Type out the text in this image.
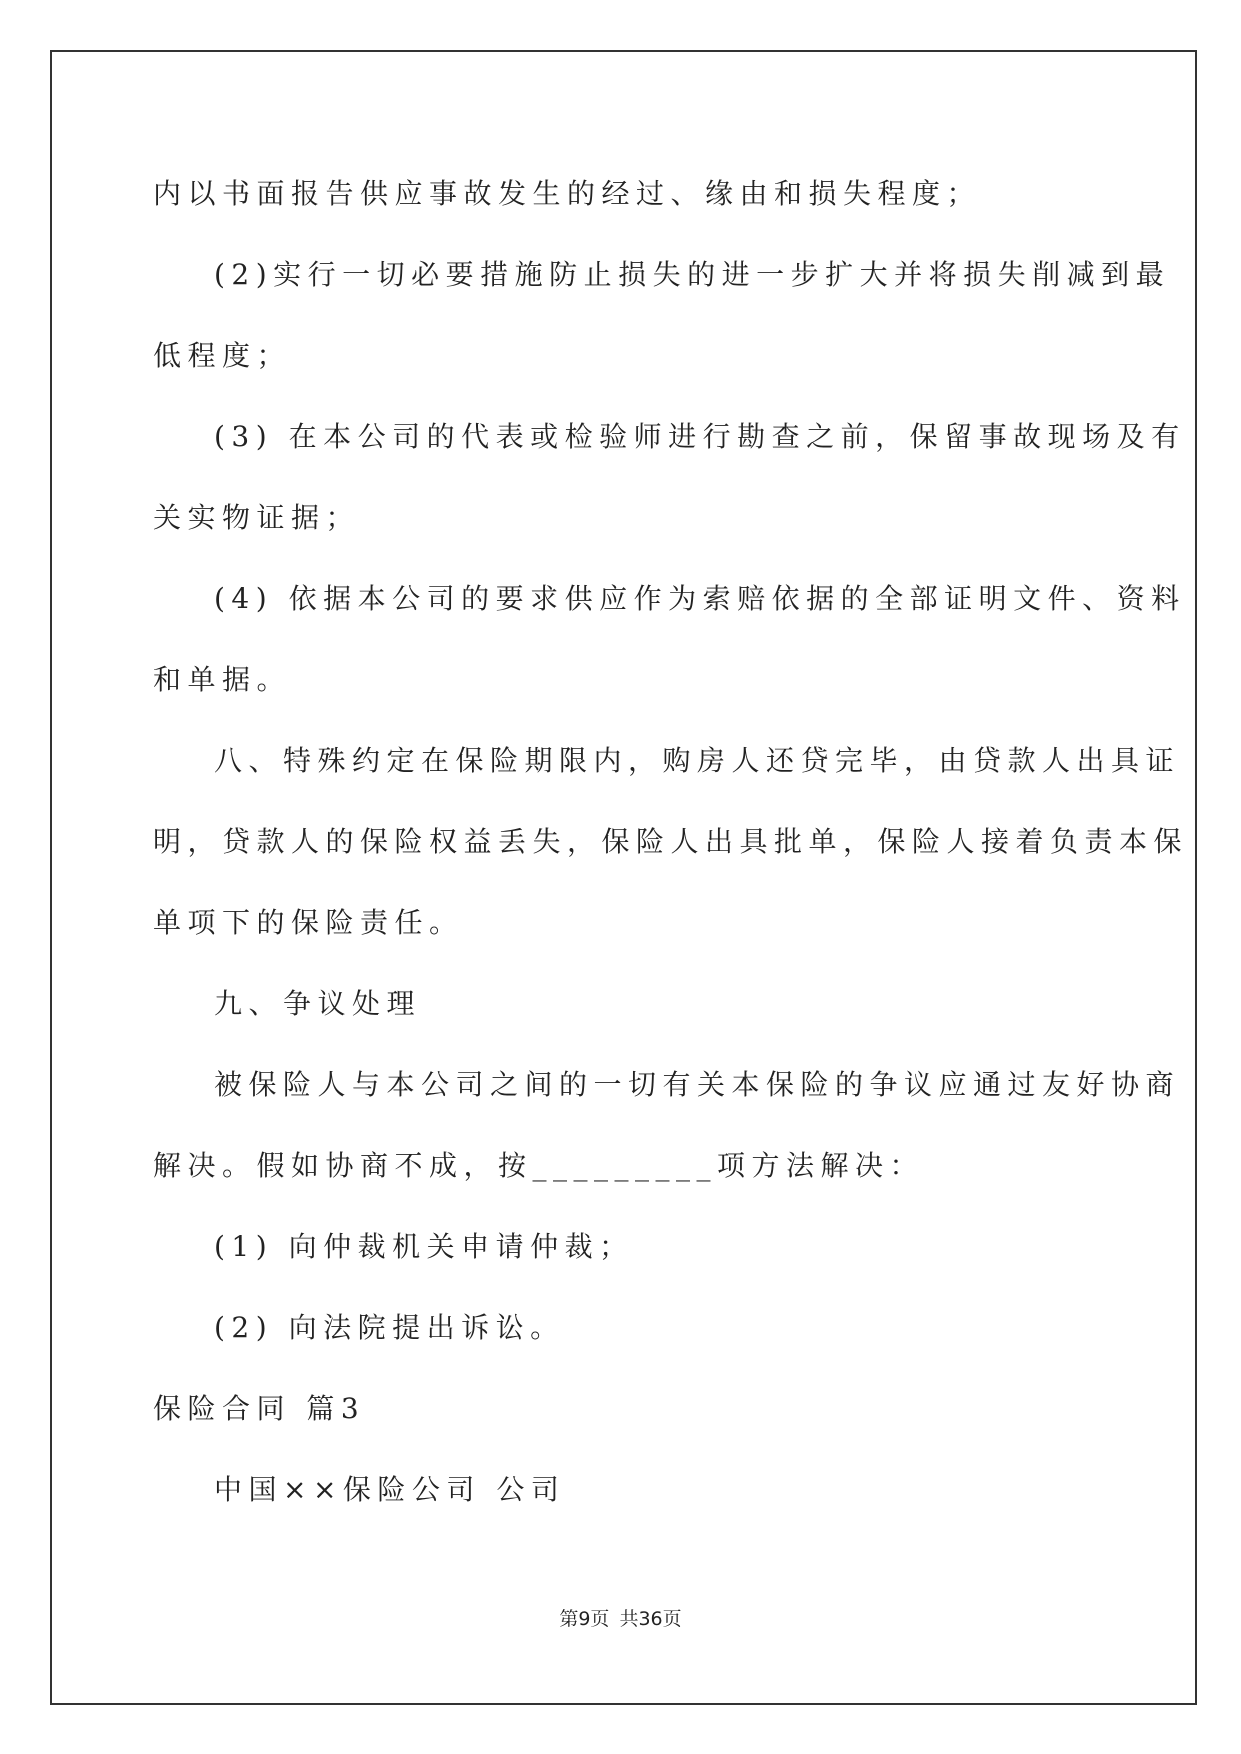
内以书面报告供应事故发生的经过、缘由和损失程度；
(2)实行一切必要措施防止损失的进一步扩大并将损失削减到最
低程度；
(3) 在本公司的代表或检验师进行勘查之前，保留事故现场及有
关实物证据；
(4) 依据本公司的要求供应作为索赔依据的全部证明文件、资料
和单据。
八、特殊约定在保险期限内，购房人还贷完毕，由贷款人出具证
明，贷款人的保险权益丢失，保险人出具批单，保险人接着负责本保
单项下的保险责任。
九、争议处理
被保险人与本公司之间的一切有关本保险的争议应通过友好协商
解决。假如协商不成，按_________项方法解决：
(1) 向仲裁机关申请仲裁；
(2) 向法院提出诉讼。
保险合同 篇3
中国××保险公司 公司
第9页 共36页
